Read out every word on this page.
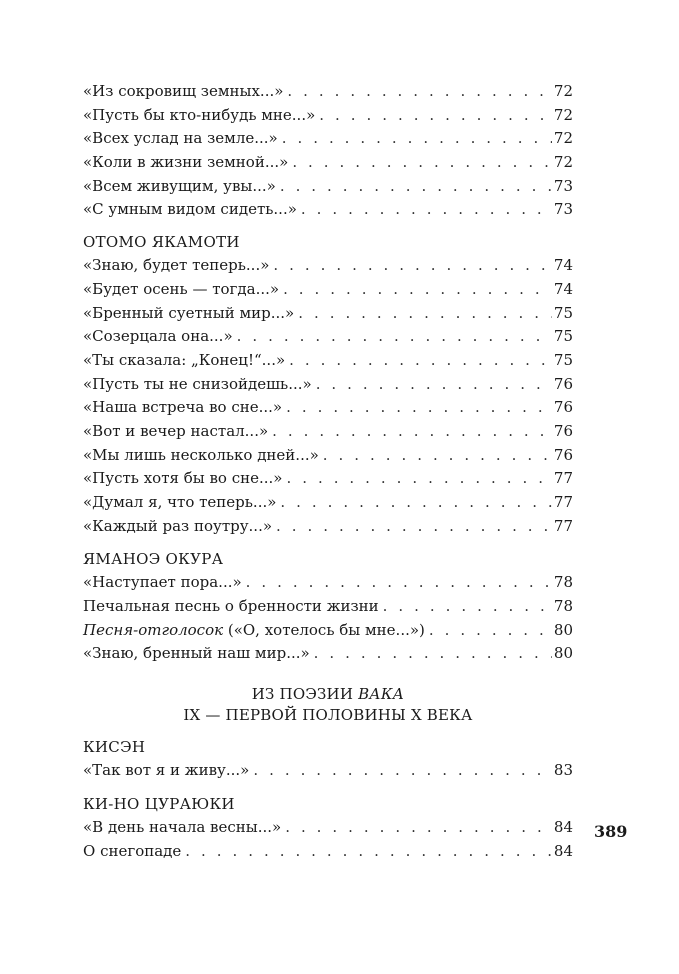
«Из сокровищ земных...» . . .	72
«Пусть бы кто-нибудь мне...» . . .	72
«Всех услад на земле...» . . .	72
«Коли в жизни земной...» . . .	72
«Всем живущим, увы...» . . .	73
«С умным видом сидеть...» . . .	73
ОТОМО ЯКАМОТИ
«Знаю, будет теперь...» . . .	74
«Будет осень — тогда...» . . .	74
«Бренный суетный мир...» . . .	75
«Созерцала она...» . . .	75
«Ты сказала: „Конец!“...» . . .	75
«Пусть ты не снизойдешь...» . . .	76
«Наша встреча во сне...» . . .	76
«Вот и вечер настал...» . . .	76
«Мы лишь несколько дней...» . . .	76
«Пусть хотя бы во сне...» . . .	77
«Думал я, что теперь...» . . .	77
«Каждый раз поутру...» . . .	77
ЯМАНОЭ ОКУРА
«Наступает пора...» . . .	78
Печальная песнь о бренности жизни . . .	78
Песня-отголосок («О, хотелось бы мне...») . . .	80
«Знаю, бренный наш мир...» . . .	80
ИЗ ПОЭЗИИ ВАКА
IX — ПЕРВОЙ ПОЛОВИНЫ X ВЕКА
КИСЭН
«Так вот я и живу...» . . .	83
КИ-НО ЦУРАЮКИ
«В день начала весны...» . . .	84
О снегопаде . . .	84
389
